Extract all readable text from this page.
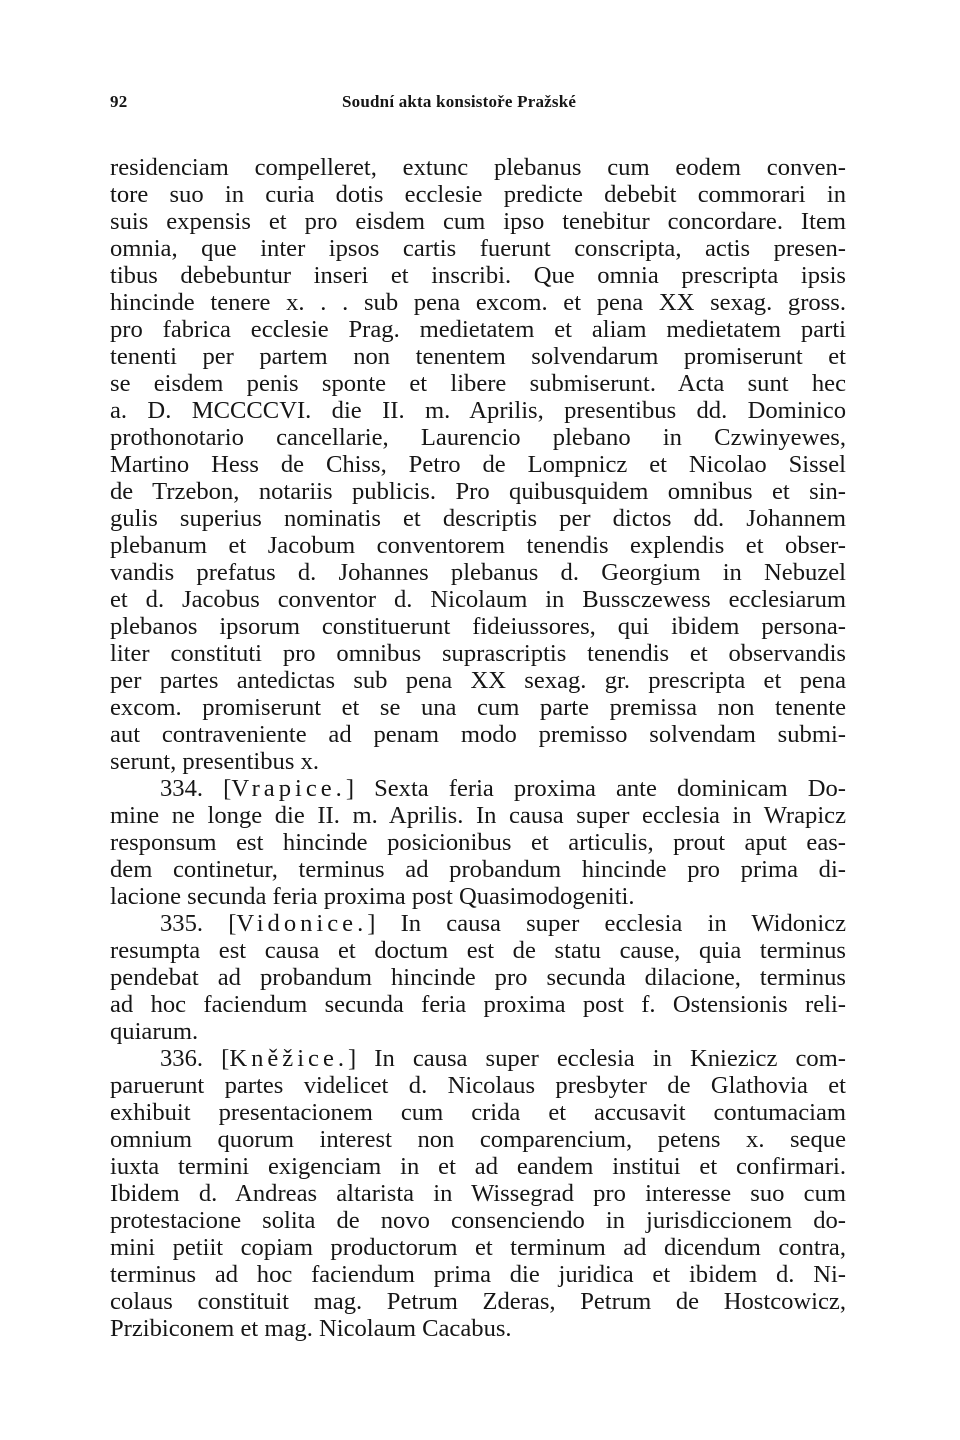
92	Soudní akta konsistoře Pražské
residenciam compelleret, extunc plebanus cum eodem conven-
tore suo in curia dotis ecclesie predicte debebit commorari in
suis expensis et pro eisdem cum ipso tenebitur concordare. Item
omnia, que inter ipsos cartis fuerunt conscripta, actis presen-
tibus debebuntur inseri et inscribi. Que omnia prescripta ipsis
hincinde tenere x. . . sub pena excom. et pena XX sexag. gross.
pro fabrica ecclesie Prag. medietatem et aliam medietatem parti
tenenti per partem non tenentem solvendarum promiserunt et
se eisdem penis sponte et libere submiserunt. Acta sunt hec
a. D. MCCCCVI. die II. m. Aprilis, presentibus dd. Dominico
prothonotario cancellarie, Laurencio plebano in Czwinyewes,
Martino Hess de Chiss, Petro de Lompnicz et Nicolao Sissel
de Trzebon, notariis publicis. Pro quibusquidem omnibus et sin-
gulis superius nominatis et descriptis per dictos dd. Johannem
plebanum et Jacobum conventorem tenendis explendis et obser-
vandis prefatus d. Johannes plebanus d. Georgium in Nebuzel
et d. Jacobus conventor d. Nicolaum in Bussczewess ecclesiarum
plebanos ipsorum constituerunt fideiussores, qui ibidem persona-
liter constituti pro omnibus suprascriptis tenendis et observandis
per partes antedictas sub pena XX sexag. gr. prescripta et pena
excom. promiserunt et se una cum parte premissa non tenente
aut contraveniente ad penam modo premisso solvendam submi-
serunt, presentibus x.
334. [Vrapice.] Sexta feria proxima ante dominicam Do-
mine ne longe die II. m. Aprilis. In causa super ecclesia in Wrapicz
responsum est hincinde posicionibus et articulis, prout aput eas-
dem continetur, terminus ad probandum hincinde pro prima di-
lacione secunda feria proxima post Quasimodogeniti.
335. [Vidonice.] In causa super ecclesia in Widonicz
resumpta est causa et doctum est de statu cause, quia terminus
pendebat ad probandum hincinde pro secunda dilacione, terminus
ad hoc faciendum secunda feria proxima post f. Ostensionis reli-
quiarum.
336. [Kněžice.] In causa super ecclesia in Kniezicz com-
paruerunt partes videlicet d. Nicolaus presbyter de Glathovia et
exhibuit presentacionem cum crida et accusavit contumaciam
omnium quorum interest non comparencium, petens x. seque
iuxta termini exigenciam in et ad eandem institui et confirmari.
Ibidem d. Andreas altarista in Wissegrad pro interesse suo cum
protestacione solita de novo consenciendo in jurisdiccionem do-
mini petiit copiam productorum et terminum ad dicendum contra,
terminus ad hoc faciendum prima die juridica et ibidem d. Ni-
colaus constituit mag. Petrum Zderas, Petrum de Hostcowicz,
Przibiconem et mag. Nicolaum Cacabus.
